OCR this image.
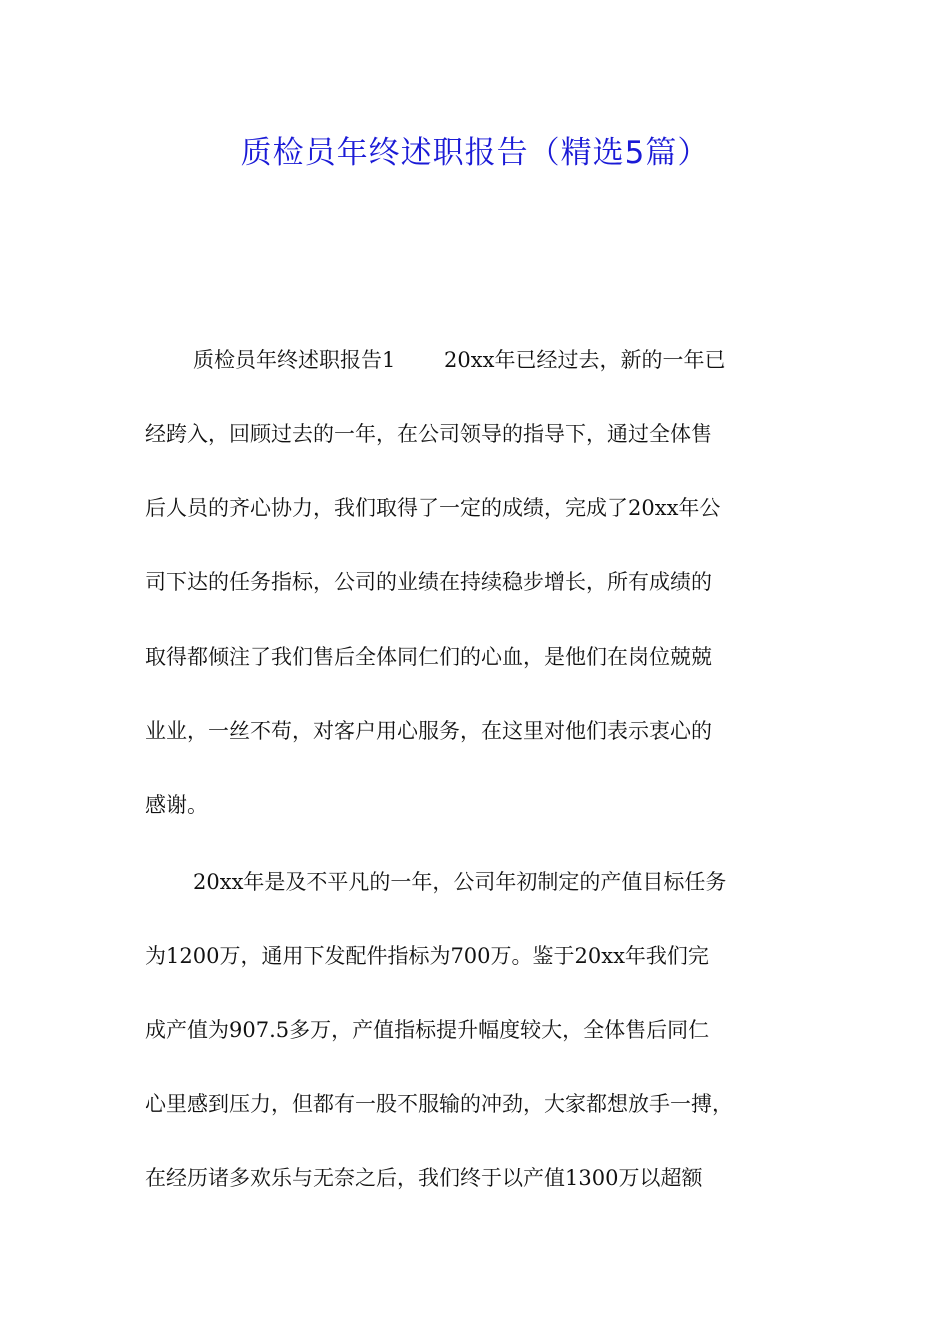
质检员年终述职报告（精选5篇）

质检员年终述职报告1　　 20xx年已经过去，新的一年已

经跨入，回顾过去的一年，在公司领导的指导下，通过全体售

后人员的齐心协力，我们取得了一定的成绩，完成了20xx年公

司下达的任务指标，公司的业绩在持续稳步增长，所有成绩的

取得都倾注了我们售后全体同仁们的心血，是他们在岗位兢兢

业业，一丝不苟，对客户用心服务，在这里对他们表示衷心的

感谢。

20xx年是及不平凡的一年，公司年初制定的产值目标任务

为1200万，通用下发配件指标为700万。鉴于20xx年我们完

成产值为907.5多万，产值指标提升幅度较大，全体售后同仁

心里感到压力，但都有一股不服输的冲劲，大家都想放手一搏，

在经历诸多欢乐与无奈之后，我们终于以产值1300万以超额
